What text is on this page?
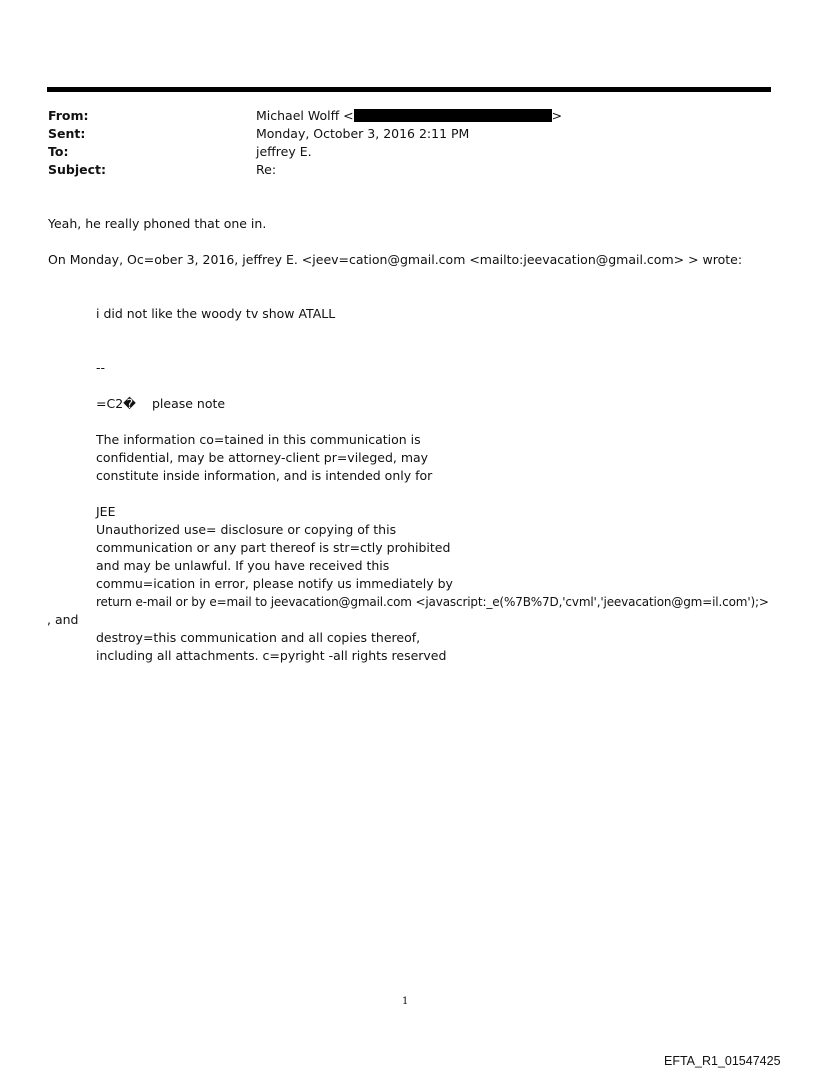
From:	Michael Wolff <	>
Sent:	Monday, October 3, 2016 2:11 PM
To:	jeffrey E.
Subject:	Re:
Yeah, he really phoned that one in.
On Monday, Oc=ober 3, 2016, jeffrey E. <jeev=cation@gmail.com <mailto:jeevacation@gmail.com> > wrote:
i did not like the woody tv show ATALL
--
=C2� please note
The information co=tained in this communication is
confidential, may be attorney-client pr=vileged, may
constitute inside information, and is intended only for
JEE
Unauthorized use= disclosure or copying of this
communication or any part thereof is str=ctly prohibited
and may be unlawful. If you have received this
commu=ication in error, please notify us immediately by
return e-mail or by e=mail to jeevacation@gmail.com <javascript:_e(%7B%7D,'cvml','jeevacation@gm=il.com');>
, and
destroy=this communication and all copies thereof,
including all attachments. c=pyright -all rights reserved
1
EFTA_R1_01547425
